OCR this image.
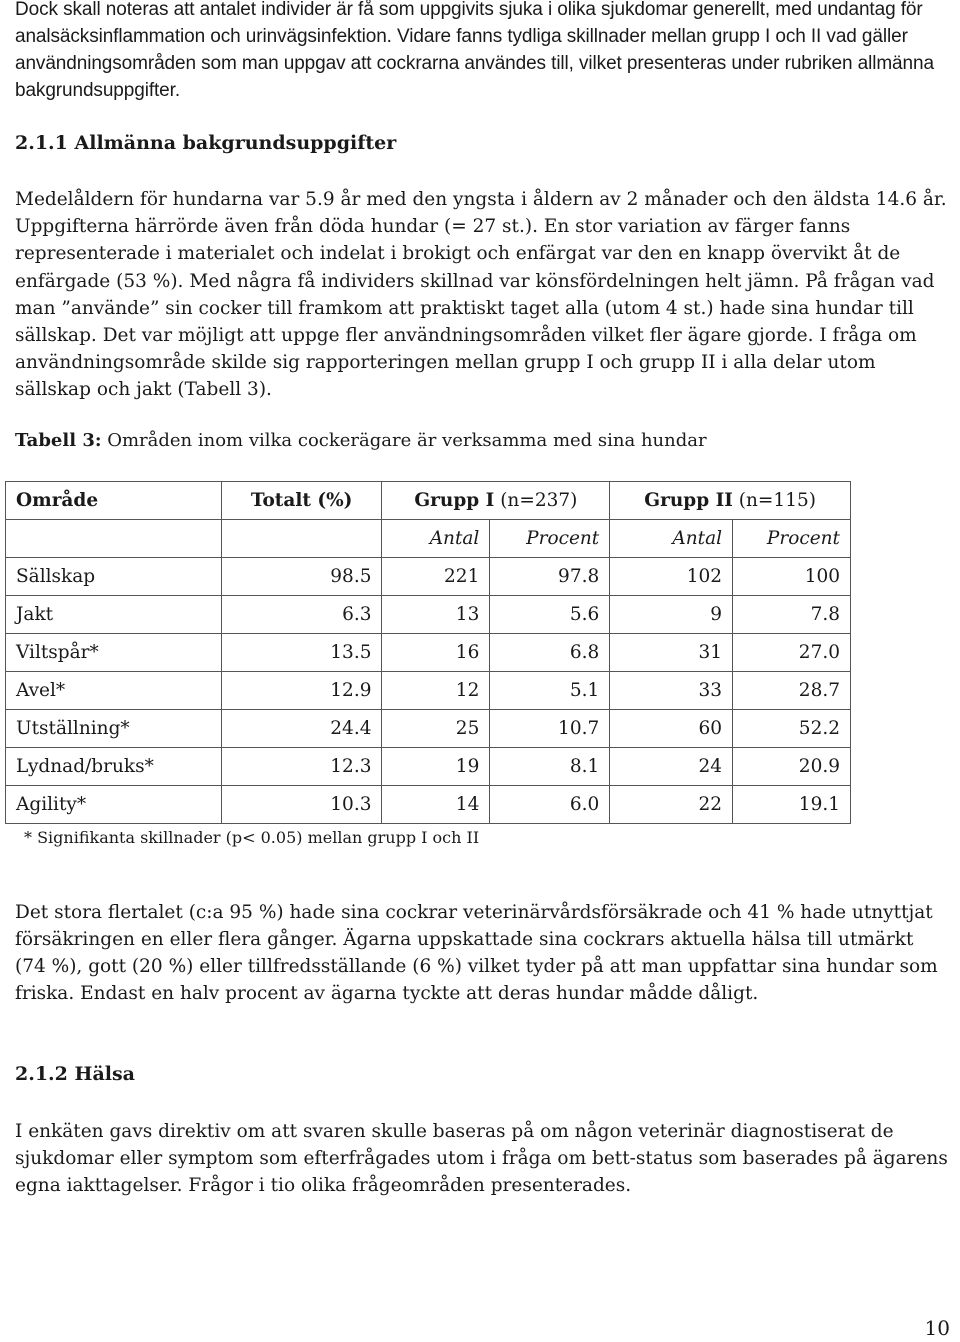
Dock skall noteras att antalet individer är få som uppgivits sjuka i olika sjukdomar generellt, med undantag för analsäcksinflammation och urinvägsinfektion. Vidare fanns tydliga skillnader mellan grupp I och II vad gäller användningsområden som man uppgav att cockrarna användes till, vilket presenteras under rubriken allmänna bakgrundsuppgifter.

2.1.1 Allmänna bakgrundsuppgifter

Medelåldern för hundarna var 5.9 år med den yngsta i åldern av 2 månader och den äldsta 14.6 år. Uppgifterna härrörde även från döda hundar (= 27 st.). En stor variation av färger fanns representerade i materialet och indelat i brokigt och enfärgat var den en knapp övervikt åt de enfärgade (53 %). Med några få individers skillnad var könsfördelningen helt jämn. På frågan vad man ”använde” sin cocker till framkom att praktiskt taget alla (utom 4 st.) hade sina hundar till sällskap. Det var möjligt att uppge fler användningsområden vilket fler ägare gjorde. I fråga om användningsområde skilde sig rapporteringen mellan grupp I och grupp II i alla delar utom sällskap och jakt (Tabell 3).

Tabell 3: Områden inom vilka cockerägare är verksamma med sina hundar

Område	Totalt (%)	Grupp I (n=237)		Grupp II (n=115)	
		Antal	Procent	Antal	Procent
Sällskap	98.5	221	97.8	102	100
Jakt	6.3	13	5.6	9	7.8
Viltspår*	13.5	16	6.8	31	27.0
Avel*	12.9	12	5.1	33	28.7
Utställning*	24.4	25	10.7	60	52.2
Lydnad/bruks*	12.3	19	8.1	24	20.9
Agility*	10.3	14	6.0	22	19.1

* Signifikanta skillnader (p< 0.05) mellan grupp I och II

Det stora flertalet (c:a 95 %) hade sina cockrar veterinärvårdsförsäkrade och 41 % hade utnyttjat försäkringen en eller flera gånger. Ägarna uppskattade sina cockrars aktuella hälsa till utmärkt (74 %), gott (20 %) eller tillfredsställande (6 %) vilket tyder på att man uppfattar sina hundar som friska. Endast en halv procent av ägarna tyckte att deras hundar mådde dåligt.

2.1.2 Hälsa

I enkäten gavs direktiv om att svaren skulle baseras på om någon veterinär diagnostiserat de sjukdomar eller symptom som efterfrågades utom i fråga om bett-status som baserades på ägarens egna iakttagelser. Frågor i tio olika frågeområden presenterades.

10
